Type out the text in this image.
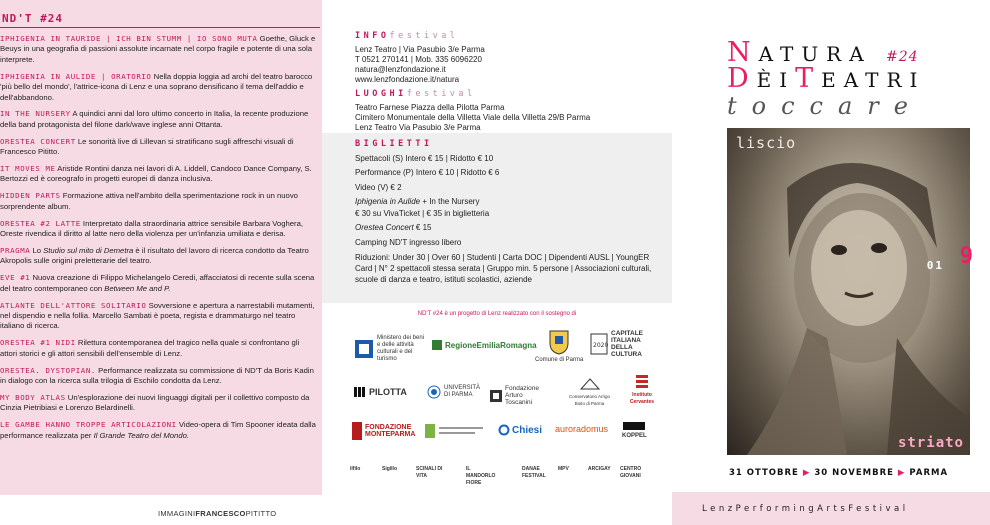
ND'T #24
IPHIGENIA IN TAURIDE | ICH BIN STUMM | IO SONO MUTA Goethe, Gluck e Beuys in una geografia di passioni assolute incarnate nel corpo fragile e potente di una sola interprete.
IPHIGENIA IN AULIDE | ORATORIO Nella doppia loggia ad archi del teatro barocco 'più bello del mondo', l'attrice-icona di Lenz e una soprano densificano il tema dell'addio e dell'abbandono.
IN THE NURSERY A quindici anni dal loro ultimo concerto in Italia, la recente produzione della band protagonista del filone dark/wave inglese anni Ottanta.
ORESTEA CONCERT Le sonorità live di Lillevan si stratificano sugli affreschi visuali di Francesco Pititto.
IT MOVES ME Aristide Rontini danza nei lavori di A. Liddell, Candoco Dance Company, S. Bertozzi ed è coreografo in progetti europei di danza inclusiva.
HIDDEN PARTS Formazione attiva nell'ambito della sperimentazione rock in un nuovo sorprendente album.
ORESTEA #2 LATTE Interpretato dalla straordinaria attrice sensibile Barbara Voghera, Oreste rivendica il diritto al latte nero della violenza per un'infanzia umiliata e derisa.
PRAGMA Lo Studio sul mito di Demetra è il risultato del lavoro di ricerca condotto da Teatro Akropolis sulle origini preletterarie del teatro.
EVE #1 Nuova creazione di Filippo Michelangelo Ceredi, affacciatosi di recente sulla scena del teatro contemporaneo con Between Me and P.
ATLANTE DELL'ATTORE SOLITARIO Sovversione e apertura a narrestabili mutamenti, nel dispendio e nella follia. Marcello Sambati è poeta, regista e drammaturgo nel teatro italiano di ricerca.
ORESTEA #1 NIDI Rilettura contemporanea del tragico nella quale si confrontano gli attori storici e gli attori sensibili dell'ensemble di Lenz.
ORESTEA. DYSTOPIAN. Performance realizzata su commissione di ND'T da Boris Kadin in dialogo con la ricerca sulla trilogia di Eschilo condotta da Lenz.
MY BODY ATLAS Un'esplorazione dei nuovi linguaggi digitali per il collettivo composto da Cinzia Pietribiasi e Lorenzo Belardinelli.
LE GAMBE HANNO TROPPE ARTICOLAZIONI Video-opera di Tim Spooner ideata dalla performance realizzata per Il Grande Teatro del Mondo.
IMMAGINIFRANCESCOPITITTO
INFOfestival
Lenz Teatro | Via Pasubio 3/e Parma
T 0521 270141 | Mob. 335 6096220
natura@lenzfondazione.it
www.lenzfondazione.it/natura
LUOGHIfestival
Teatro Farnese Piazza della Pilotta Parma
Cimitero Monumentale della Villetta Viale della Villetta 29/B Parma
Lenz Teatro Via Pasubio 3/e Parma
BIGLIETTI
Spettacoli (S) Intero € 15 | Ridotto € 10
Performance (P) Intero € 10 | Ridotto € 6
Video (V) € 2
Iphigenia in Aulide + In the Nursery
€ 30 su VivaTicket | € 35 in biglietteria
Orestea Concert € 15
Camping ND'T ingresso libero
Riduzioni: Under 30 | Over 60 | Studenti | Carta DOC | Dipendenti AUSL | YoungER Card | N° 2 spettacoli stessa serata | Gruppo min. 5 persone | Associazioni culturali, scuole di danza e teatro, istituti scolastici, aziende
ND'T #24 è un progetto di Lenz realizzato con il sostegno di
Ministero dei beni e delle attività culturali e del turismo
RegioneEmiliaRomagna
Comune di Parma
2020
CAPITALE ITALIANA DELLA CULTURA
PILOTTA	UNIVERSITÀ DI PARMA
Fondazione Arturo Toscanini
Conservatorio Arrigo Boito di Parma
Instituto Cervantes
FONDAZIONE MONTEPARMA	Chiesi auroradomus
KOPPEL
ilfilo	Sigillo	SCINALI DI VITA
IL MANDORLO FIORE
DANAE FESTIVAL
MPV	ARCIGAY	CENTRO GIOVANI
NATURA #24
DÈITEATRI
toccare
liscio
01 9
striato
31 OTTOBRE ▶ 30 NOVEMBRE ▶ PARMA
LenzPerformingArtsFestival
